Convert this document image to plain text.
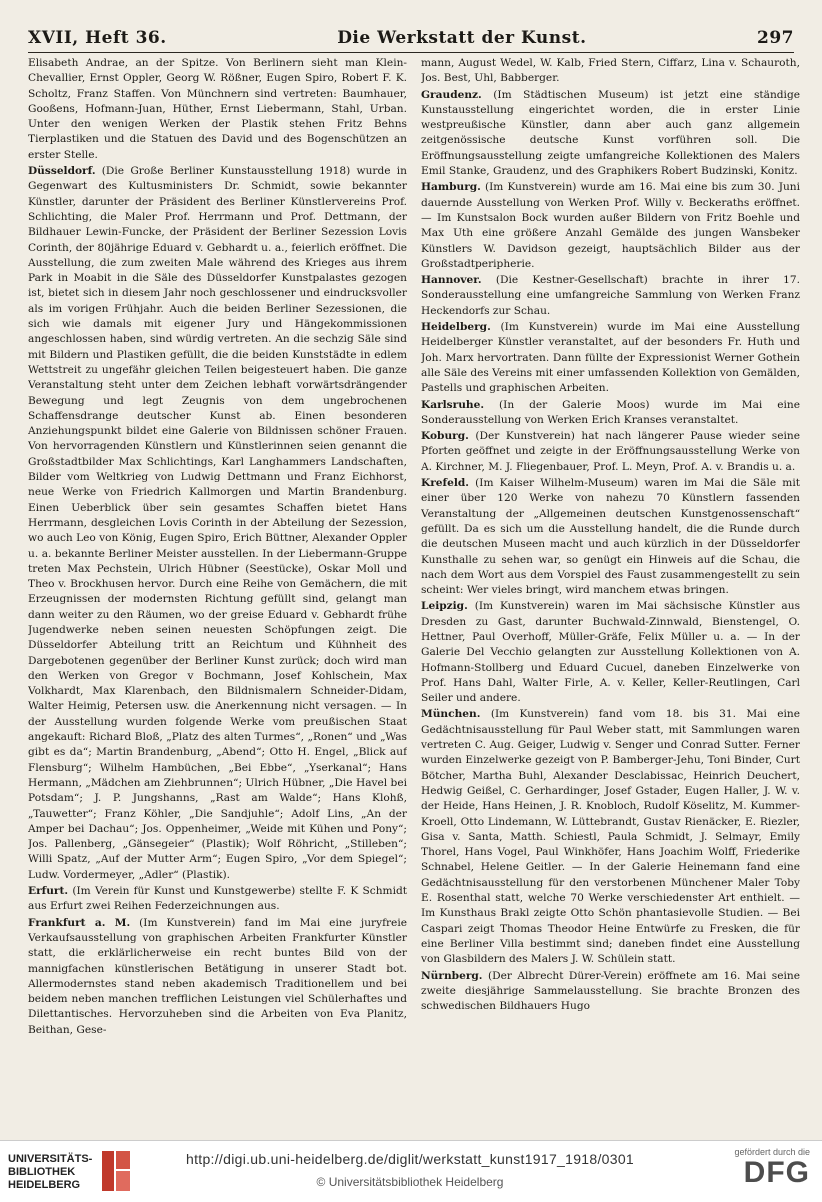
XVII, Heft 36.	Die Werkstatt der Kunst.	297

Elisabeth Andrae, an der Spitze. Von Berlinern sieht man Klein-Chevallier, Ernst Oppler, Georg W. Rößner, Eugen Spiro, Robert F. K. Scholtz, Franz Staffen. Von Münchnern sind vertreten: Baumhauer, Gooßens, Hofmann-Juan, Hüther, Ernst Liebermann, Stahl, Urban. Unter den wenigen Werken der Plastik stehen Fritz Behns Tierplastiken und die Statuen des David und des Bogenschützen an erster Stelle.

Düsseldorf. (Die Große Berliner Kunstausstellung 1918) wurde in Gegenwart des Kultusministers Dr. Schmidt, sowie bekannter Künstler, darunter der Präsident des Berliner Künstlervereins Prof. Schlichting, die Maler Prof. Herrmann und Prof. Dettmann, der Bildhauer Lewin-Funcke, der Präsident der Berliner Sezession Lovis Corinth, der 80jährige Eduard v. Gebhardt u. a., feierlich eröffnet. Die Ausstellung, die zum zweiten Male während des Krieges aus ihrem Park in Moabit in die Säle des Düsseldorfer Kunstpalastes gezogen ist, bietet sich in diesem Jahr noch geschlossener und eindrucksvoller als im vorigen Frühjahr. Auch die beiden Berliner Sezessionen, die sich wie damals mit eigener Jury und Hängekommissionen angeschlossen haben, sind würdig vertreten. An die sechzig Säle sind mit Bildern und Plastiken gefüllt, die die beiden Kunststädte in edlem Wettstreit zu ungefähr gleichen Teilen beigesteuert haben. Die ganze Veranstaltung steht unter dem Zeichen lebhaft vorwärtsdrängender Bewegung und legt Zeugnis von dem ungebrochenen Schaffensdrange deutscher Kunst ab. Einen besonderen Anziehungspunkt bildet eine Galerie von Bildnissen schöner Frauen. Von hervorragenden Künstlern und Künstlerinnen seien genannt die Großstadtbilder Max Schlichtings, Karl Langhammers Landschaften, Bilder vom Weltkrieg von Ludwig Dettmann und Franz Eichhorst, neue Werke von Friedrich Kallmorgen und Martin Brandenburg. Einen Ueberblick über sein gesamtes Schaffen bietet Hans Herrmann, desgleichen Lovis Corinth in der Abteilung der Sezession, wo auch Leo von König, Eugen Spiro, Erich Büttner, Alexander Oppler u. a. bekannte Berliner Meister ausstellen. In der Liebermann-Gruppe treten Max Pechstein, Ulrich Hübner (Seestücke), Oskar Moll und Theo v. Brockhusen hervor. Durch eine Reihe von Gemächern, die mit Erzeugnissen der modernsten Richtung gefüllt sind, gelangt man dann weiter zu den Räumen, wo der greise Eduard v. Gebhardt frühe Jugendwerke neben seinen neuesten Schöpfungen zeigt. Die Düsseldorfer Abteilung tritt an Reichtum und Kühnheit des Dargebotenen gegenüber der Berliner Kunst zurück; doch wird man den Werken von Gregor v Bochmann, Josef Kohlschein, Max Volkhardt, Max Klarenbach, den Bildnismalern Schneider-Didam, Walter Heimig, Petersen usw. die Anerkennung nicht versagen. — In der Ausstellung wurden folgende Werke vom preußischen Staat angekauft: Richard Bloß, „Platz des alten Turmes“, „Ronen“ und „Was gibt es da“; Martin Brandenburg, „Abend“; Otto H. Engel, „Blick auf Flensburg“; Wilhelm Hambüchen, „Bei Ebbe“, „Yserkanal“; Hans Hermann, „Mädchen am Ziehbrunnen“; Ulrich Hübner, „Die Havel bei Potsdam“; J. P. Jungshanns, „Rast am Walde“; Hans Klohß, „Tauwetter“; Franz Köhler, „Die Sandjuhle“; Adolf Lins, „An der Amper bei Dachau“; Jos. Oppenheimer, „Weide mit Kühen und Pony“; Jos. Pallenberg, „Gänsegeier“ (Plastik); Wolf Röhricht, „Stilleben“; Willi Spatz, „Auf der Mutter Arm“; Eugen Spiro, „Vor dem Spiegel“; Ludw. Vordermeyer, „Adler“ (Plastik).

Erfurt. (Im Verein für Kunst und Kunstgewerbe) stellte F. K Schmidt aus Erfurt zwei Reihen Federzeichnungen aus.

Frankfurt a. M. (Im Kunstverein) fand im Mai eine juryfreie Verkaufsausstellung von graphischen Arbeiten Frankfurter Künstler statt, die erklärlicherweise ein recht buntes Bild von der mannigfachen künstlerischen Betätigung in unserer Stadt bot. Allermodernstes stand neben akademisch Traditionellem und bei beidem neben manchen trefflichen Leistungen viel Schülerhaftes und Dilettantisches. Hervorzuheben sind die Arbeiten von Eva Planitz, Beithan, Gese-

mann, August Wedel, W. Kalb, Fried Stern, Ciffarz, Lina v. Schauroth, Jos. Best, Uhl, Babberger.

Graudenz. (Im Städtischen Museum) ist jetzt eine ständige Kunstausstellung eingerichtet worden, die in erster Linie westpreußische Künstler, dann aber auch ganz allgemein zeitgenössische deutsche Kunst vorführen soll. Die Eröffnungsausstellung zeigte umfangreiche Kollektionen des Malers Emil Stanke, Graudenz, und des Graphikers Robert Budzinski, Konitz.

Hamburg. (Im Kunstverein) wurde am 16. Mai eine bis zum 30. Juni dauernde Ausstellung von Werken Prof. Willy v. Beckeraths eröffnet. — Im Kunstsalon Bock wurden außer Bildern von Fritz Boehle und Max Uth eine größere Anzahl Gemälde des jungen Wansbeker Künstlers W. Davidson gezeigt, hauptsächlich Bilder aus der Großstadtperipherie.

Hannover. (Die Kestner-Gesellschaft) brachte in ihrer 17. Sonderausstellung eine umfangreiche Sammlung von Werken Franz Heckendorfs zur Schau.

Heidelberg. (Im Kunstverein) wurde im Mai eine Ausstellung Heidelberger Künstler veranstaltet, auf der besonders Fr. Huth und Joh. Marx hervortraten. Dann füllte der Expressionist Werner Gothein alle Säle des Vereins mit einer umfassenden Kollektion von Gemälden, Pastells und graphischen Arbeiten.

Karlsruhe. (In der Galerie Moos) wurde im Mai eine Sonderausstellung von Werken Erich Kranses veranstaltet.

Koburg. (Der Kunstverein) hat nach längerer Pause wieder seine Pforten geöffnet und zeigte in der Eröffnungsausstellung Werke von A. Kirchner, M. J. Fliegenbauer, Prof. L. Meyn, Prof. A. v. Brandis u. a.

Krefeld. (Im Kaiser Wilhelm-Museum) waren im Mai die Säle mit einer über 120 Werke von nahezu 70 Künstlern fassenden Veranstaltung der „Allgemeinen deutschen Kunstgenossenschaft“ gefüllt. Da es sich um die Ausstellung handelt, die die Runde durch die deutschen Museen macht und auch kürzlich in der Düsseldorfer Kunsthalle zu sehen war, so genügt ein Hinweis auf die Schau, die nach dem Wort aus dem Vorspiel des Faust zusammengestellt zu sein scheint: Wer vieles bringt, wird manchem etwas bringen.

Leipzig. (Im Kunstverein) waren im Mai sächsische Künstler aus Dresden zu Gast, darunter Buchwald-Zinnwald, Bienstengel, O. Hettner, Paul Overhoff, Müller-Gräfe, Felix Müller u. a. — In der Galerie Del Vecchio gelangten zur Ausstellung Kollektionen von A. Hofmann-Stollberg und Eduard Cucuel, daneben Einzelwerke von Prof. Hans Dahl, Walter Firle, A. v. Keller, Keller-Reutlingen, Carl Seiler und andere.

München. (Im Kunstverein) fand vom 18. bis 31. Mai eine Gedächtnisausstellung für Paul Weber statt, mit Sammlungen waren vertreten C. Aug. Geiger, Ludwig v. Senger und Conrad Sutter. Ferner wurden Einzelwerke gezeigt von P. Bamberger-Jehu, Toni Binder, Curt Bötcher, Martha Buhl, Alexander Desclabissac, Heinrich Deuchert, Hedwig Geißel, C. Gerhardinger, Josef Gstader, Eugen Haller, J. W. v. der Heide, Hans Heinen, J. R. Knobloch, Rudolf Köselitz, M. Kummer-Kroell, Otto Lindemann, W. Lüttebrandt, Gustav Rienäcker, E. Riezler, Gisa v. Santa, Matth. Schiestl, Paula Schmidt, J. Selmayr, Emily Thorel, Hans Vogel, Paul Winkhöfer, Hans Joachim Wolff, Friederike Schnabel, Helene Geitler. — In der Galerie Heinemann fand eine Gedächtnisausstellung für den verstorbenen Münchener Maler Toby E. Rosenthal statt, welche 70 Werke verschiedenster Art enthielt. — Im Kunsthaus Brakl zeigte Otto Schön phantasievolle Studien. — Bei Caspari zeigt Thomas Theodor Heine Entwürfe zu Fresken, die für eine Berliner Villa bestimmt sind; daneben findet eine Ausstellung von Glasbildern des Malers J. W. Schülein statt.

Nürnberg. (Der Albrecht Dürer-Verein) eröffnete am 16. Mai seine zweite diesjährige Sammelausstellung. Sie brachte Bronzen des schwedischen Bildhauers Hugo

UNIVERSITÄTS-
BIBLIOTHEK
HEIDELBERG
http://digi.ub.uni-heidelberg.de/diglit/werkstatt_kunst1917_1918/0301
© Universitätsbibliothek Heidelberg
gefördert durch die
DFG
